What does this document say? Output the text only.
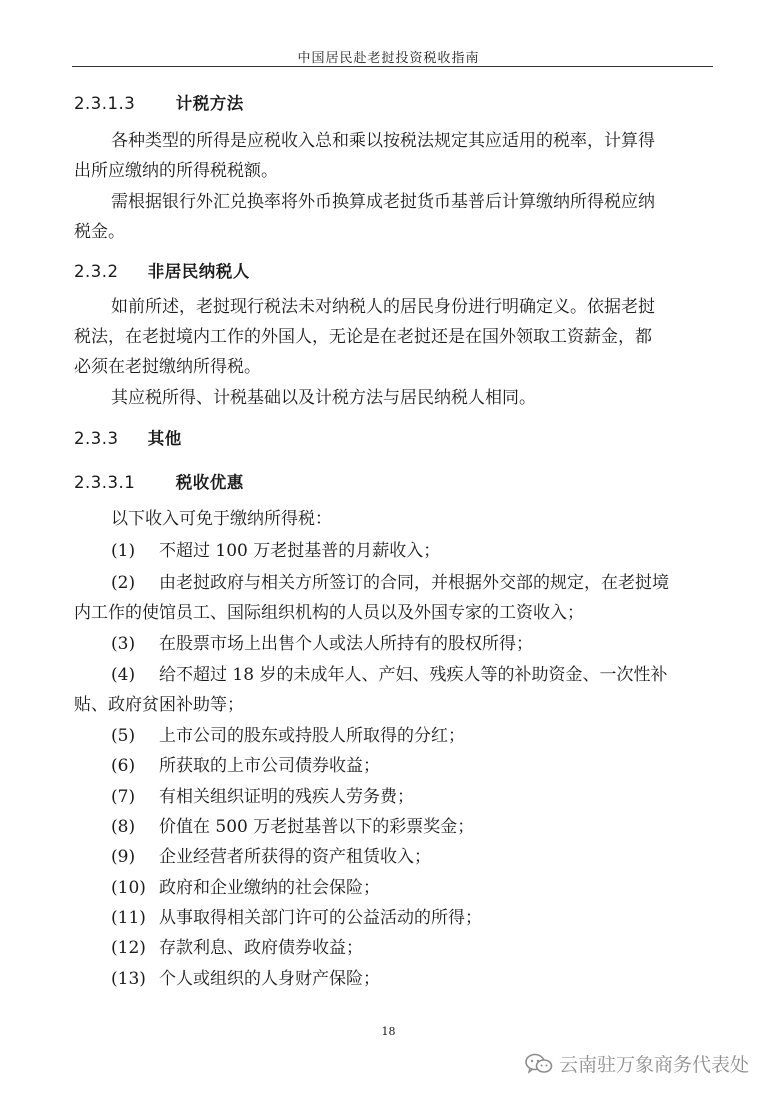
中国居民赴老挝投资税收指南
2.3.1.3 计税方法
各种类型的所得是应税收入总和乘以按税法规定其应适用的税率，计算得
出所应缴纳的所得税税额。
需根据银行外汇兑换率将外币换算成老挝货币基普后计算缴纳所得税应纳
税金。
2.3.2 非居民纳税人
如前所述，老挝现行税法未对纳税人的居民身份进行明确定义。依据老挝
税法，在老挝境内工作的外国人，无论是在老挝还是在国外领取工资薪金，都
必须在老挝缴纳所得税。
其应税所得、计税基础以及计税方法与居民纳税人相同。
2.3.3 其他
2.3.3.1 税收优惠
以下收入可免于缴纳所得税：
(1) 不超过 100 万老挝基普的月薪收入；
(2) 由老挝政府与相关方所签订的合同，并根据外交部的规定，在老挝境
内工作的使馆员工、国际组织机构的人员以及外国专家的工资收入；
(3) 在股票市场上出售个人或法人所持有的股权所得；
(4) 给不超过 18 岁的未成年人、产妇、残疾人等的补助资金、一次性补
贴、政府贫困补助等；
(5) 上市公司的股东或持股人所取得的分红；
(6) 所获取的上市公司债券收益；
(7) 有相关组织证明的残疾人劳务费；
(8) 价值在 500 万老挝基普以下的彩票奖金；
(9) 企业经营者所获得的资产租赁收入；
(10) 政府和企业缴纳的社会保险；
(11) 从事取得相关部门许可的公益活动的所得；
(12) 存款利息、政府债券收益；
(13) 个人或组织的人身财产保险；
18
云南驻万象商务代表处
